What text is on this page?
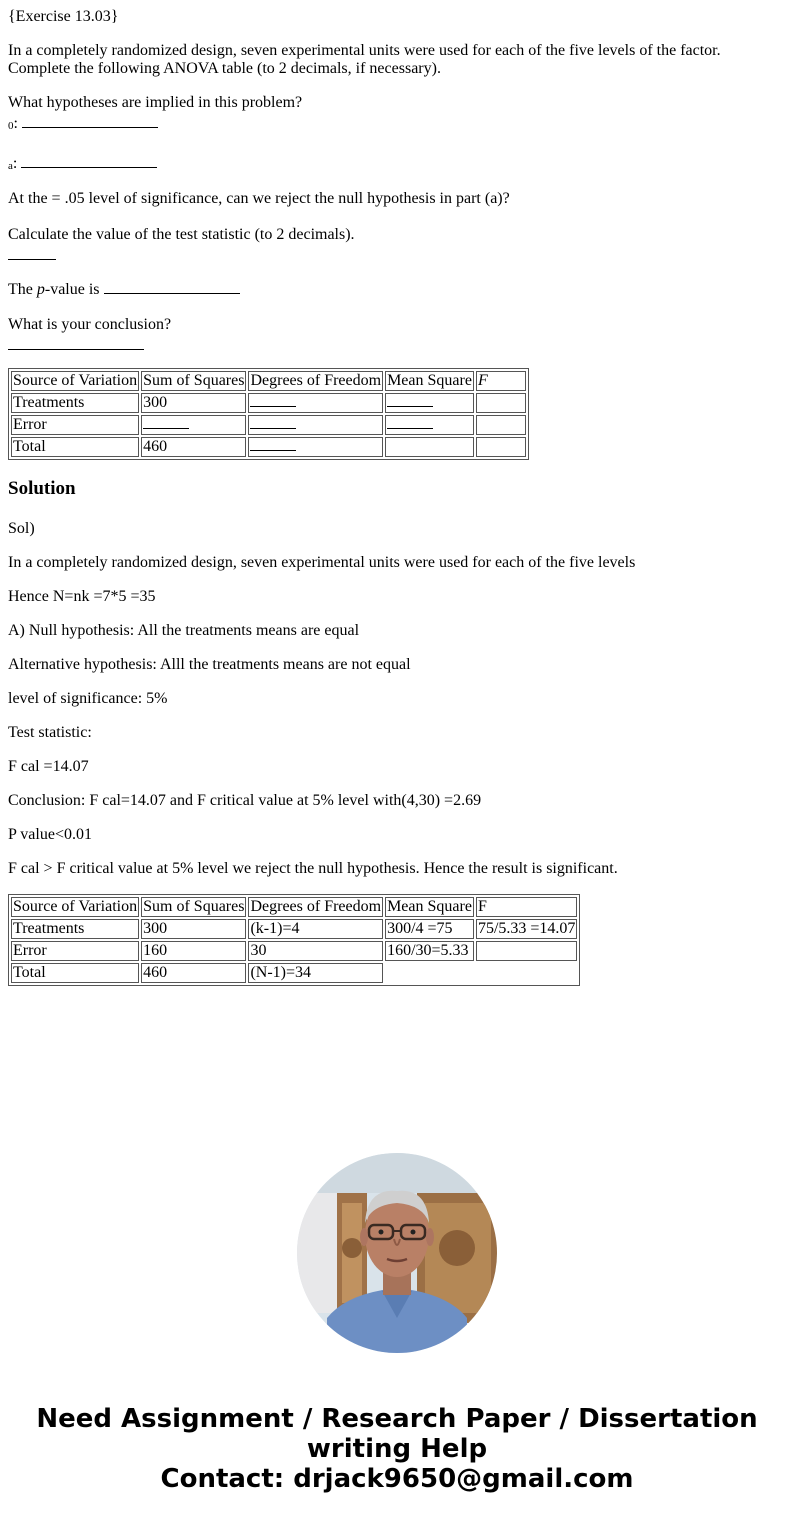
{Exercise 13.03}

In a completely randomized design, seven experimental units were used for each of the five levels of the factor.

Complete the following ANOVA table (to 2 decimals, if necessary).

What hypotheses are implied in this problem?

0:

a:

At the = .05 level of significance, can we reject the null hypothesis in part (a)?

Calculate the value of the test statistic (to 2 decimals).

The p-value is

What is your conclusion?

Source of Variation	Sum of Squares	Degrees of Freedom	Mean Square	F
Treatments	300			
Error				
Total	460			
Solution

Sol)

In a completely randomized design, seven experimental units were used for each of the five levels

Hence N=nk =7*5 =35

A) Null hypothesis: All the treatments means are equal

Alternative hypothesis: Alll the treatments means are not equal

level of significance: 5%

Test statistic:

F cal =14.07

Conclusion: F cal=14.07 and F critical value at 5% level with(4,30) =2.69

P value<0.01

F cal > F critical value at 5% level we reject the null hypothesis. Hence the result is significant.

Source of Variation	Sum of Squares	Degrees of Freedom	Mean Square	F
Treatments	300	(k-1)=4	300/4 =75	75/5.33 =14.07
Error	160	30	160/30=5.33	
Total	460	(N-1)=34		
Need Assignment / Research Paper / Dissertation
writing Help
Contact: drjack9650@gmail.com
